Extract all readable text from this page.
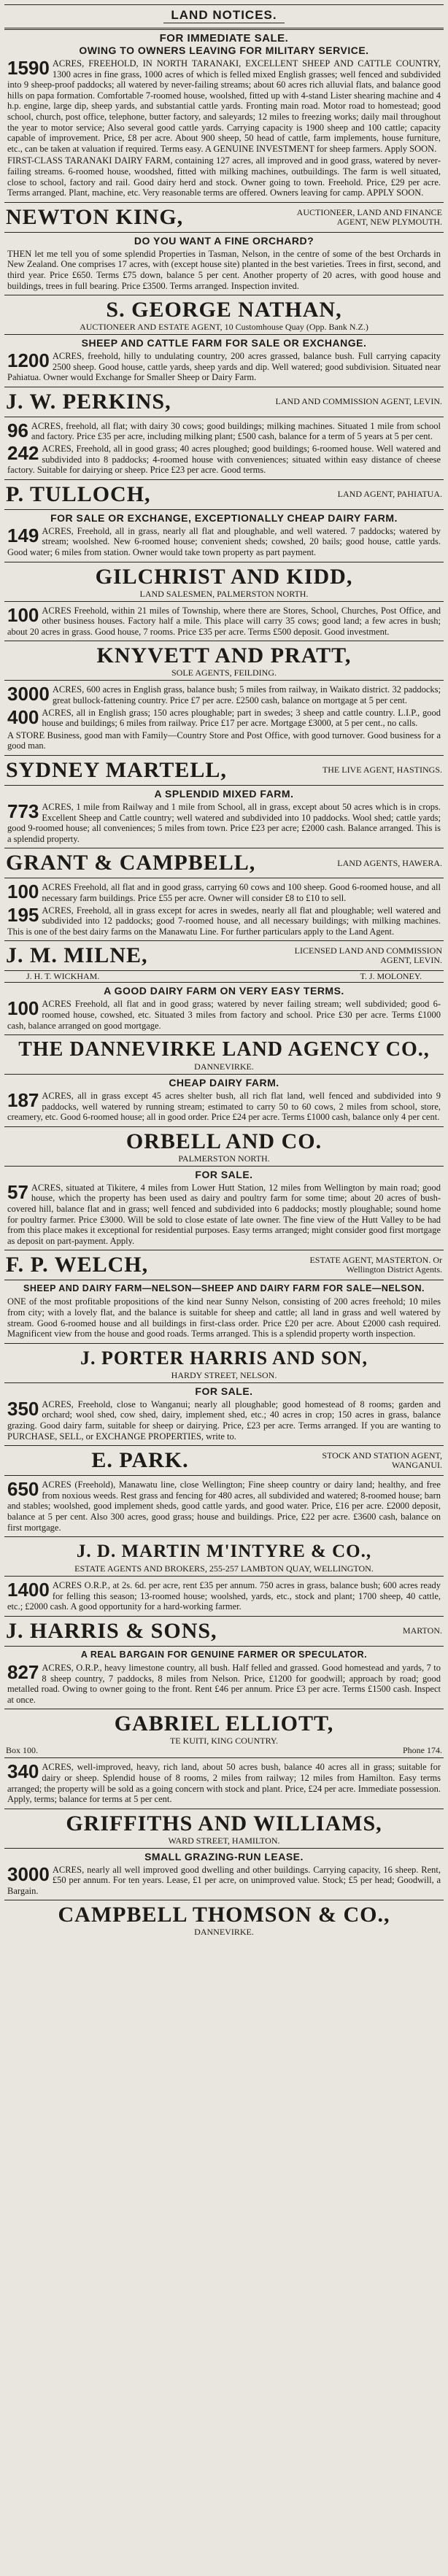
LAND NOTICES.
FOR IMMEDIATE SALE.
OWING TO OWNERS LEAVING FOR MILITARY SERVICE.
1590 ACRES, FREEHOLD, IN NORTH TARANAKI, EXCELLENT SHEEP AND CATTLE COUNTRY, 1300 acres in fine grass, 1000 acres of which is felled mixed English grasses; well fenced and subdivided into 9 sheep-proof paddocks; all watered by never-failing streams; about 60 acres rich alluvial flats, and balance good hills on papa formation. Comfortable 7-roomed house, woolshed, fitted up with 4-stand Lister shearing machine and 4 h.p. engine, large dip, sheep yards, and substantial cattle yards. Fronting main road. Motor road to homestead; good school, church, post office, telephone, butter factory, and saleyards; 12 miles to freezing works; daily mail throughout the year to motor service; Also several good cattle yards. Carrying capacity is 1900 sheep and 100 cattle; capacity capable of improvement. Price, £8 per acre. About 900 sheep, 50 head of cattle, farm implements, house furniture, etc., can be taken at valuation if required. Terms easy. A GENUINE INVESTMENT for sheep farmers. Apply SOON.
FIRST-CLASS TARANAKI DAIRY FARM, containing 127 acres, all improved and in good grass, watered by never-failing streams. 6-roomed house, woodshed, fitted with milking machines, outbuildings. The farm is well situated, close to school, factory and rail. Good dairy herd and stock. Owner going to town. Freehold. Price, £29 per acre. Terms arranged. Plant, machine, etc. Very reasonable terms are offered. Owners leaving for camp. APPLY SOON.
NEWTON KING,	AUCTIONEER, LAND AND FINANCE AGENT, NEW PLYMOUTH.
DO YOU WANT A FINE ORCHARD?
THEN let me tell you of some splendid Properties in Tasman, Nelson, in the centre of some of the best Orchards in New Zealand. One comprises 17 acres, with (except house site) planted in the best varieties. Trees in first, second, and third year. Price £650. Terms £75 down, balance 5 per cent. Another property of 20 acres, with good house and buildings, trees in full bearing. Price £3500. Terms arranged. Inspection invited.
S. GEORGE NATHAN,
AUCTIONEER AND ESTATE AGENT, 10 Customhouse Quay (Opp. Bank N.Z.)
SHEEP AND CATTLE FARM FOR SALE OR EXCHANGE.
1200 ACRES, freehold, hilly to undulating country, 200 acres grassed, balance bush. Full carrying capacity 2500 sheep. Good house, cattle yards, sheep yards and dip. Well watered; good subdivision. Situated near Pahiatua. Owner would Exchange for Smaller Sheep or Dairy Farm.
J. W. PERKINS,	LAND AND COMMISSION AGENT, LEVIN.
96 ACRES, freehold, all flat; with dairy 30 cows; good buildings; milking machines. Situated 1 mile from school and factory. Price £35 per acre, including milking plant; £500 cash, balance for a term of 5 years at 5 per cent.
242 ACRES, Freehold, all in good grass; 40 acres ploughed; good buildings; 6-roomed house. Well watered and subdivided into 8 paddocks; 4-roomed house with conveniences; situated within easy distance of cheese factory. Suitable for dairying or sheep. Price £23 per acre. Good terms.
P. TULLOCH,	LAND AGENT, PAHIATUA.
FOR SALE OR EXCHANGE, EXCEPTIONALLY CHEAP DAIRY FARM.
149 ACRES, Freehold, all in grass, nearly all flat and ploughable, and well watered. 7 paddocks; watered by stream; woolshed. New 6-roomed house; convenient sheds; cowshed, 20 bails; good house, cattle yards. Good water; 6 miles from station. Owner would take town property as part payment.
GILCHRIST AND KIDD,
LAND SALESMEN, PALMERSTON NORTH.
100 ACRES Freehold, within 21 miles of Township, where there are Stores, School, Churches, Post Office, and other business houses. Factory half a mile. This place will carry 35 cows; good land; a few acres in bush; about 20 acres in grass. Good house, 7 rooms. Price £35 per acre. Terms £500 deposit. Good investment.
KNYVETT AND PRATT,
SOLE AGENTS, FEILDING.
3000 ACRES, 600 acres in English grass, balance bush; 5 miles from railway, in Waikato district. 32 paddocks; great bullock-fattening country. Price £7 per acre. £2500 cash, balance on mortgage at 5 per cent.
400 ACRES, all in English grass; 150 acres ploughable; part in swedes; 3 sheep and cattle country. L.I.P., good house and buildings; 6 miles from railway. Price £17 per acre. Mortgage £3000, at 5 per cent., no calls.
A STORE Business, good man with Family—Country Store and Post Office, with good turnover. Good business for a good man.
SYDNEY MARTELL,	THE LIVE AGENT, HASTINGS.
A SPLENDID MIXED FARM.
773 ACRES, 1 mile from Railway and 1 mile from School, all in grass, except about 50 acres which is in crops. Excellent Sheep and Cattle country; well watered and subdivided into 10 paddocks. Wool shed; cattle yards; good 9-roomed house; all conveniences; 5 miles from town. Price £23 per acre; £2000 cash. Balance arranged. This is a splendid property.
GRANT & CAMPBELL,	LAND AGENTS, HAWERA.
100 ACRES Freehold, all flat and in good grass, carrying 60 cows and 100 sheep. Good 6-roomed house, and all necessary farm buildings. Price £55 per acre. Owner will consider £8 to £10 to sell.
195 ACRES, Freehold, all in grass except for acres in swedes, nearly all flat and ploughable; well watered and subdivided into 12 paddocks; good 7-roomed house, and all necessary buildings; with milking machines. This is one of the best dairy farms on the Manawatu Line. For further particulars apply to the Land Agent.
J. M. MILNE,	LICENSED LAND AND COMMISSION AGENT, LEVIN.
J. H. T. WICKHAM.	T. J. MOLONEY.
A GOOD DAIRY FARM ON VERY EASY TERMS.
100 ACRES Freehold, all flat and in good grass; watered by never failing stream; well subdivided; good 6-roomed house, cowshed, etc. Situated 3 miles from factory and school. Price £30 per acre. Terms £1000 cash, balance arranged on good mortgage.
THE DANNEVIRKE LAND AGENCY CO.,
DANNEVIRKE.
CHEAP DAIRY FARM.
187 ACRES, all in grass except 45 acres shelter bush, all rich flat land, well fenced and subdivided into 9 paddocks, well watered by running stream; estimated to carry 50 to 60 cows, 2 miles from school, store, creamery, etc. Good 6-roomed house; all in good order. Price £24 per acre. Terms £1000 cash, balance only 4 per cent.
ORBELL AND CO.
PALMERSTON NORTH.
FOR SALE.
57 ACRES, situated at Tikitere, 4 miles from Lower Hutt Station, 12 miles from Wellington by main road; good house, which the property has been used as dairy and poultry farm for some time; about 20 acres of bush-covered hill, balance flat and in grass; well fenced and subdivided into 6 paddocks; mostly ploughable; sound home for poultry farmer. Price £3000. Will be sold to close estate of late owner. The fine view of the Hutt Valley to be had from this place makes it exceptional for residential purposes. Easy terms arranged; might consider good first mortgage as deposit on part-payment. Apply.
F. P. WELCH,	ESTATE AGENT, MASTERTON. Or Wellington District Agents.
SHEEP AND DAIRY FARM—NELSON—SHEEP AND DAIRY FARM FOR SALE—NELSON.
ONE of the most profitable propositions of the kind near Sunny Nelson, consisting of 200 acres freehold; 10 miles from city; with a lovely flat, and the balance is suitable for sheep and cattle; all land in grass and well watered by stream. Good 6-roomed house and all buildings in first-class order. Price £20 per acre. About £2000 cash required. Magnificent view from the house and good roads. Terms arranged. This is a splendid property worth inspection.
J. PORTER HARRIS AND SON,
HARDY STREET, NELSON.
FOR SALE.
350 ACRES, Freehold, close to Wanganui; nearly all ploughable; good homestead of 8 rooms; garden and orchard; wool shed, cow shed, dairy, implement shed, etc.; 40 acres in crop; 150 acres in grass, balance grazing. Good dairy farm, suitable for sheep or dairying. Price, £23 per acre. Terms arranged. If you are wanting to PURCHASE, SELL, or EXCHANGE PROPERTIES, write to.
E. PARK.	STOCK AND STATION AGENT, WANGANUI.
650 ACRES (Freehold), Manawatu line, close Wellington; Fine sheep country or dairy land; healthy, and free from noxious weeds. Rest grass and fencing for 480 acres, all subdivided and watered; 8-roomed house; barn and stables; woolshed, good implement sheds, good cattle yards, and good water. Price, £16 per acre. £2000 deposit, balance at 5 per cent. Also 300 acres, good grass; house and buildings. Price, £22 per acre. £3600 cash, balance on first mortgage.
J. D. MARTIN M'INTYRE & CO.,
ESTATE AGENTS AND BROKERS, 255-257 LAMBTON QUAY, WELLINGTON.
1400 ACRES O.R.P., at 2s. 6d. per acre, rent £35 per annum. 750 acres in grass, balance bush; 600 acres ready for felling this season; 13-roomed house; woolshed, yards, etc., stock and plant; 1700 sheep, 40 cattle, etc.; £2000 cash. A good opportunity for a hard-working farmer.
J. HARRIS & SONS,	MARTON.
A REAL BARGAIN FOR GENUINE FARMER OR SPECULATOR.
827 ACRES, O.R.P., heavy limestone country, all bush. Half felled and grassed. Good homestead and yards, 7 to 8 sheep country, 7 paddocks, 8 miles from Nelson. Price, £1200 for goodwill; approach by road; good metalled road. Owing to owner going to the front. Rent £46 per annum. Price £3 per acre. Terms £1500 cash. Inspect at once.
GABRIEL ELLIOTT,
TE KUITI, KING COUNTRY.
Box 100.	Phone 174.
340 ACRES, well-improved, heavy, rich land, about 50 acres bush, balance 40 acres all in grass; suitable for dairy or sheep. Splendid house of 8 rooms, 2 miles from railway; 12 miles from Hamilton. Easy terms arranged; the property will be sold as a going concern with stock and plant. Price, £24 per acre. Immediate possession. Apply, terms; balance for terms at 5 per cent.
GRIFFITHS AND WILLIAMS,
WARD STREET, HAMILTON.
SMALL GRAZING-RUN LEASE.
3000 ACRES, nearly all well improved good dwelling and other buildings. Carrying capacity, 16 sheep. Rent, £50 per annum. For ten years. Lease, £1 per acre, on unimproved value. Stock; £5 per head; Goodwill, a Bargain.
CAMPBELL THOMSON & CO.,
DANNEVIRKE.
